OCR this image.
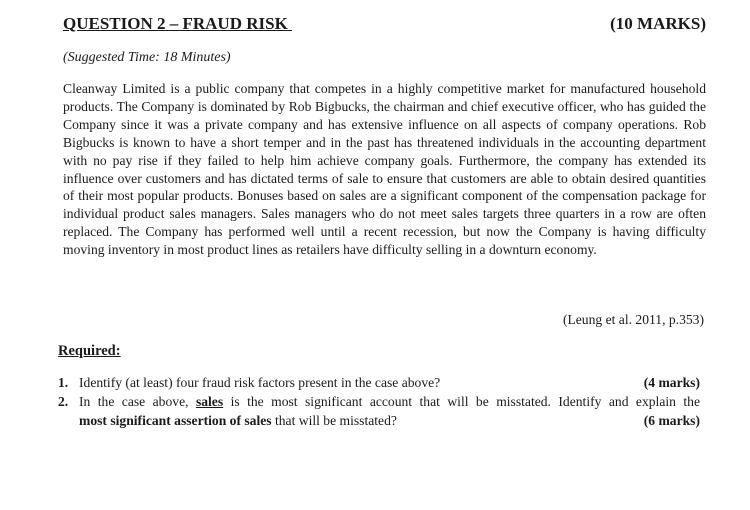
QUESTION 2 – FRAUD RISK	(10 MARKS)
(Suggested Time: 18 Minutes)

Cleanway Limited is a public company that competes in a highly competitive market for manufactured household products. The Company is dominated by Rob Bigbucks, the chairman and chief executive officer, who has guided the Company since it was a private company and has extensive influence on all aspects of company operations. Rob Bigbucks is known to have a short temper and in the past has threatened individuals in the accounting department with no pay rise if they failed to help him achieve company goals. Furthermore, the company has extended its influence over customers and has dictated terms of sale to ensure that customers are able to obtain desired quantities of their most popular products. Bonuses based on sales are a significant component of the compensation package for individual product sales managers. Sales managers who do not meet sales targets three quarters in a row are often replaced. The Company has performed well until a recent recession, but now the Company is having difficulty moving inventory in most product lines as retailers have difficulty selling in a downturn economy.

(Leung et al. 2011, p.353)
Required:
1. Identify (at least) four fraud risk factors present in the case above?	(4 marks)
2. In the case above, sales is the most significant account that will be misstated. Identify and explain the
most significant assertion of sales that will be misstated?	(6 marks)
